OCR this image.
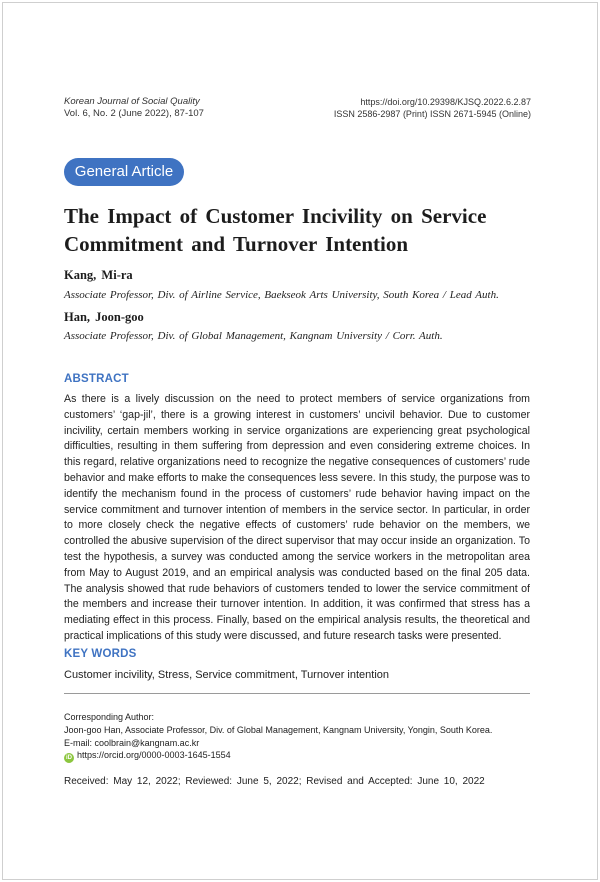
Korean Journal of Social Quality
Vol. 6, No. 2 (June 2022), 87-107
https://doi.org/10.29398/KJSQ.2022.6.2.87
ISSN 2586-2987 (Print) ISSN 2671-5945 (Online)
General Article
The Impact of Customer Incivility on Service Commitment and Turnover Intention
Kang, Mi-ra
Associate Professor, Div. of Airline Service, Baekseok Arts University, South Korea / Lead Auth.
Han, Joon-goo
Associate Professor, Div. of Global Management, Kangnam University / Corr. Auth.
ABSTRACT

As there is a lively discussion on the need to protect members of service organizations from customers’ ‘gap-jil’, there is a growing interest in customers’ uncivil behavior. Due to customer incivility, certain members working in service organizations are experiencing great psychological difficulties, resulting in them suffering from depression and even considering extreme choices. In this regard, relative organizations need to recognize the negative consequences of customers’ rude behavior and make efforts to make the consequences less severe. In this study, the purpose was to identify the mechanism found in the process of customers’ rude behavior having impact on the service commitment and turnover intention of members in the service sector. In particular, in order to more closely check the negative effects of customers’ rude behavior on the members, we controlled the abusive supervision of the direct supervisor that may occur inside an organization. To test the hypothesis, a survey was conducted among the service workers in the metropolitan area from May to August 2019, and an empirical analysis was conducted based on the final 205 data. The analysis showed that rude behaviors of customers tended to lower the service commitment of the members and increase their turnover intention. In addition, it was confirmed that stress has a mediating effect in this process. Finally, based on the empirical analysis results, the theoretical and practical implications of this study were discussed, and future research tasks were presented.

KEY WORDS
Customer incivility, Stress, Service commitment, Turnover intention
Corresponding Author:
Joon-goo Han, Associate Professor, Div. of Global Management, Kangnam University, Yongin, South Korea.
E-mail: coolbrain@kangnam.ac.kr
iD https://orcid.org/0000-0003-1645-1554
Received: May 12, 2022; Reviewed: June 5, 2022; Revised and Accepted: June 10, 2022
